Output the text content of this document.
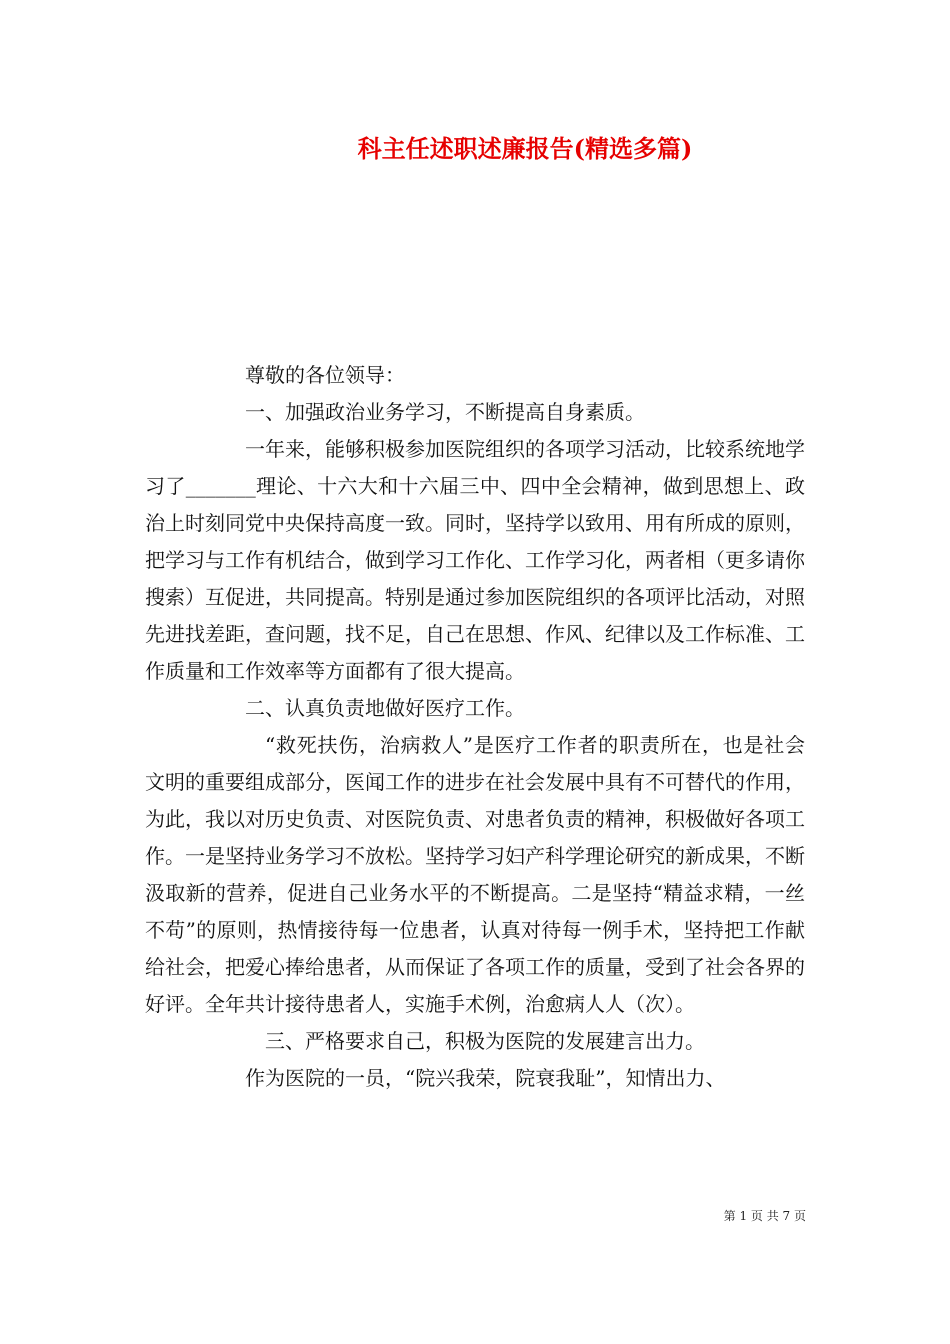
科主任述职述廉报告(精选多篇)

尊敬的各位领导：

一、加强政治业务学习，不断提高自身素质。

一年来，能够积极参加医院组织的各项学习活动，比较系统地学习了_______理论、十六大和十六届三中、四中全会精神，做到思想上、政治上时刻同党中央保持高度一致。同时，坚持学以致用、用有所成的原则，把学习与工作有机结合，做到学习工作化、工作学习化，两者相（更多请你搜索）互促进，共同提高。特别是通过参加医院组织的各项评比活动，对照先进找差距，查问题，找不足，自己在思想、作风、纪律以及工作标准、工作质量和工作效率等方面都有了很大提高。

二、认真负责地做好医疗工作。

“救死扶伤，治病救人”是医疗工作者的职责所在，也是社会文明的重要组成部分，医闻工作的进步在社会发展中具有不可替代的作用，为此，我以对历史负责、对医院负责、对患者负责的精神，积极做好各项工作。一是坚持业务学习不放松。坚持学习妇产科学理论研究的新成果，不断汲取新的营养，促进自己业务水平的不断提高。二是坚持“精益求精，一丝不苟”的原则，热情接待每一位患者，认真对待每一例手术，坚持把工作献给社会，把爱心捧给患者，从而保证了各项工作的质量，受到了社会各界的好评。全年共计接待患者人，实施手术例，治愈病人人（次）。

三、严格要求自己，积极为医院的发展建言出力。

作为医院的一员，“院兴我荣，院衰我耻”，知情出力、

第 1 页 共 7 页
